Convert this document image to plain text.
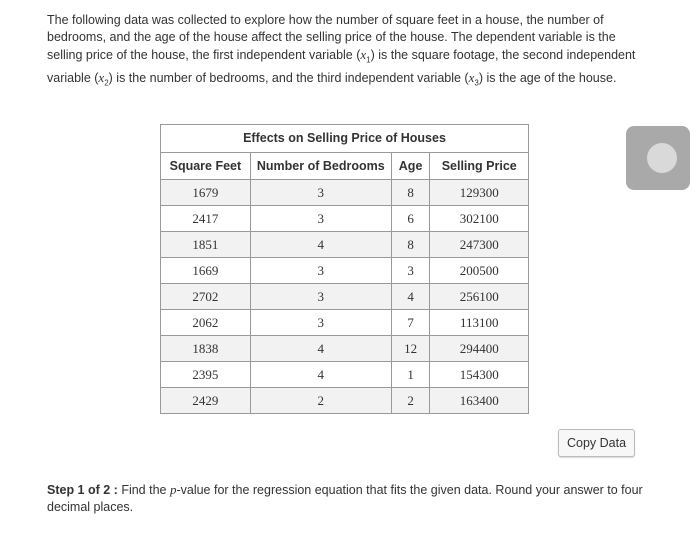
The following data was collected to explore how the number of square feet in a house, the number of bedrooms, and the age of the house affect the selling price of the house. The dependent variable is the selling price of the house, the first independent variable $(x_1)$ is the square footage, the second independent variable $(x_2)$ is the number of bedrooms, and the third independent variable $(x_3)$ is the age of the house.
Effects on Selling Price of Houses
Square Feet	Number of Bedrooms	Age	Selling Price
1679	3	8	129300
2417	3	6	302100
1851	4	8	247300
1669	3	3	200500
2702	3	4	256100
2062	3	7	113100
1838	4	12	294400
2395	4	1	154300
2429	2	2	163400
Copy Data
Step 1 of 2 : Find the p-value for the regression equation that fits the given data. Round your answer to four decimal places.
